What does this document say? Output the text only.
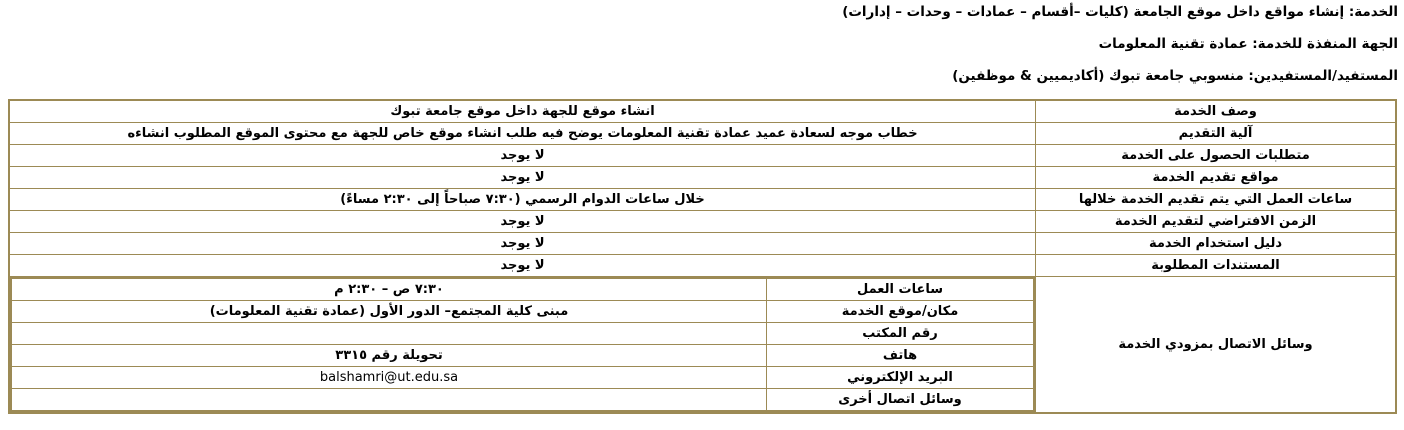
الخدمة: إنشاء مواقع داخل موقع الجامعة (كليات –أقسام – عمادات – وحدات – إدارات)
الجهة المنفذة للخدمة: عمادة تقنية المعلومات
المستفيد/المستفيدين: منسوبي جامعة تبوك (أكاديميين & موظفين)
وصف الخدمة	انشاء موقع للجهة داخل موقع جامعة تبوك
آلية التقديم	خطاب موجه لسعادة عميد عمادة تقنية المعلومات يوضح فيه طلب انشاء موقع خاص للجهة مع محتوى الموقع المطلوب انشاءه
متطلبات الحصول على الخدمة	لا يوجد
مواقع تقديم الخدمة	لا يوجد
ساعات العمل التي يتم تقديم الخدمة خلالها	خلال ساعات الدوام الرسمي (٧:٣٠ صباحاً إلى ٢:٣٠ مساءً)
الزمن الافتراضي لتقديم الخدمة	لا يوجد
دليل استخدام الخدمة	لا يوجد
المستندات المطلوبة	لا يوجد
وسائل الاتصال بمزودي الخدمة	
ساعات العمل	٧:٣٠ ص – ٢:٣٠ م
مكان/موقع الخدمة	مبنى كلية المجتمع– الدور الأول (عمادة تقنية المعلومات)
رقم المكتب	
هاتف	تحويلة رقم ٣٣١٥
البريد الإلكتروني	balshamri@ut.edu.sa
وسائل اتصال أخرى	
